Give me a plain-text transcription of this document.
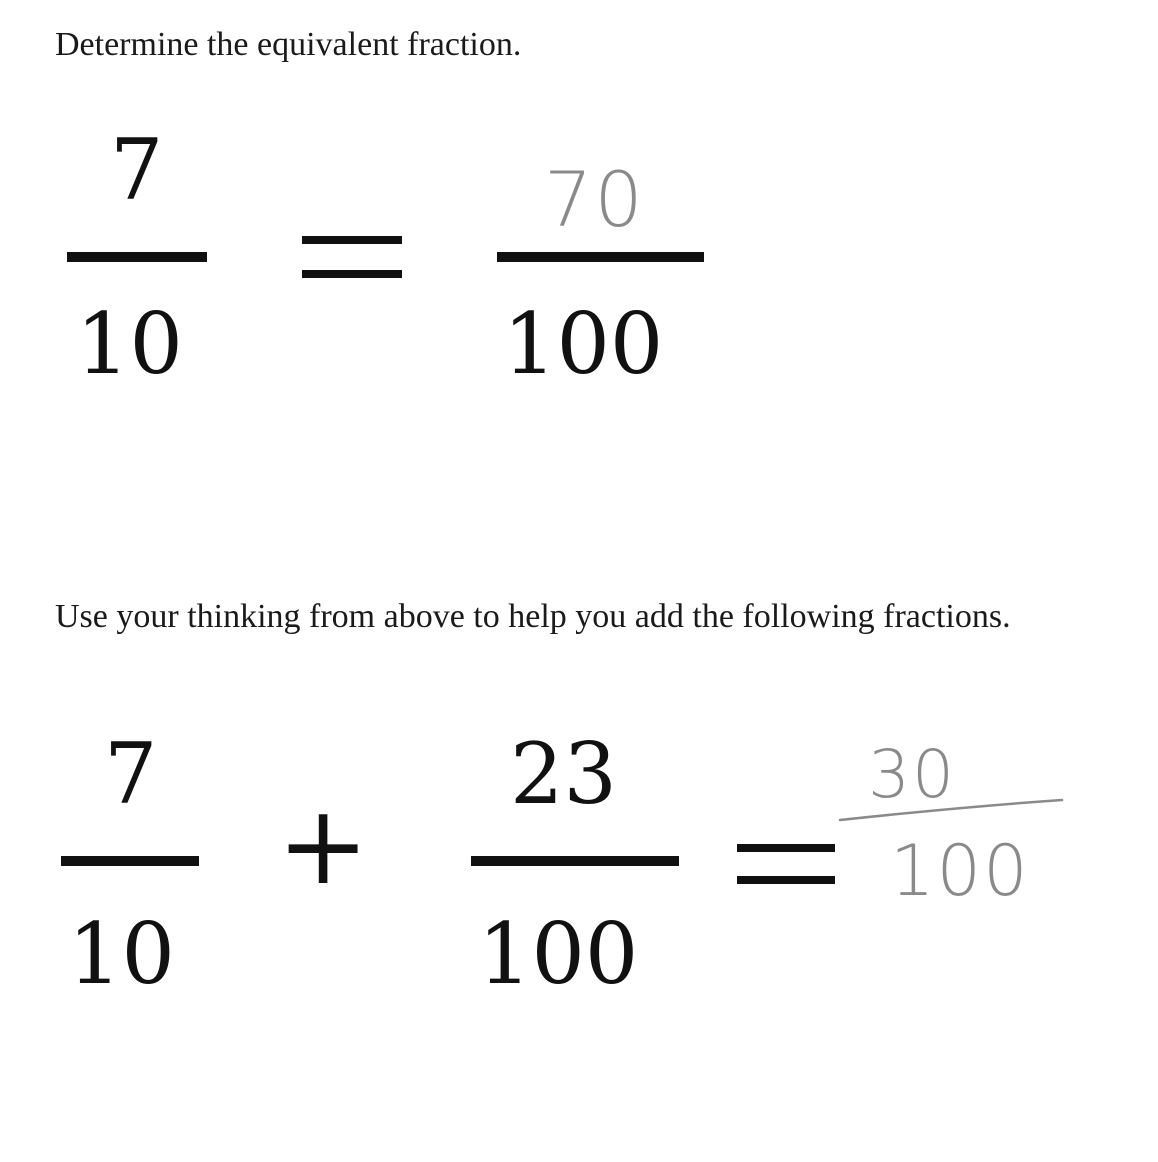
Determine the equivalent fraction.

7
10
70
100

Use your thinking from above to help you add the following fractions.

7
10
+
23
100
30
100
